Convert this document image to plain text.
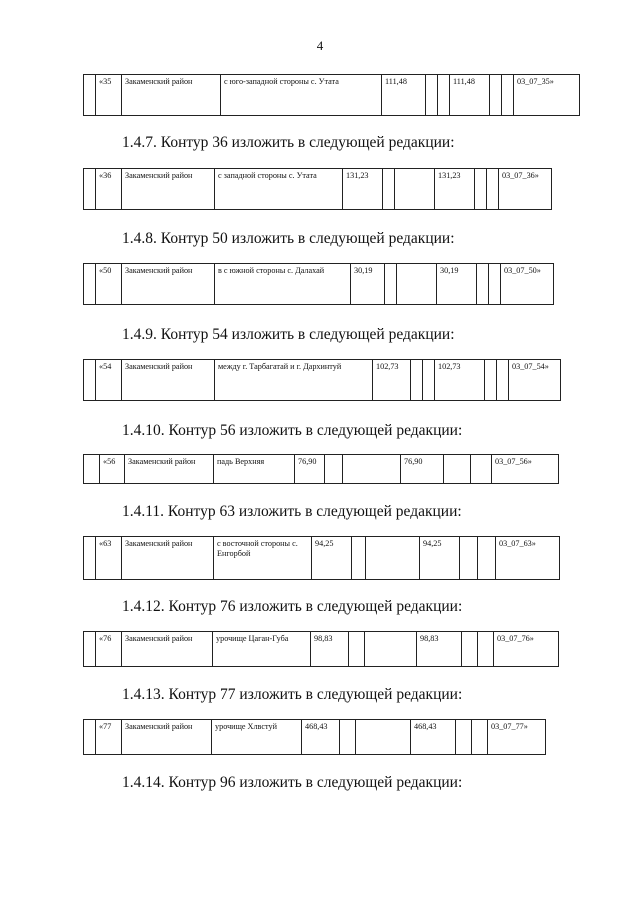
4
	«35	Закаменский район	с юго-западной стороны с. Утата	111,48			111,48			03_07_35»
1.4.7. Контур 36 изложить в следующей редакции:
	«36	Закаменский район	с западной стороны с. Утата	131,23			131,23			03_07_36»
1.4.8. Контур 50 изложить в следующей редакции:
	«50	Закаменский район	в с южной стороны с. Далахай	30,19			30,19			03_07_50»
1.4.9. Контур 54 изложить в следующей редакции:
	«54	Закаменский район	между г. Тарбагатай и г. Дархинтуй	102,73			102,73			03_07_54»
1.4.10. Контур 56 изложить в следующей редакции:
	«56	Закаменский район	падь Верхняя	76,90			76,90			03_07_56»
1.4.11. Контур 63 изложить в следующей редакции:
	«63	Закаменский район	с восточной стороны с. Енгорбой	94,25			94,25			03_07_63»
1.4.12. Контур 76 изложить в следующей редакции:
	«76	Закаменский район	урочище Цаган-Губа	98,83			98,83			03_07_76»
1.4.13. Контур 77 изложить в следующей редакции:
	«77	Закаменский район	урочище Хлвстуй	468,43			468,43			03_07_77»
1.4.14. Контур 96 изложить в следующей редакции:
